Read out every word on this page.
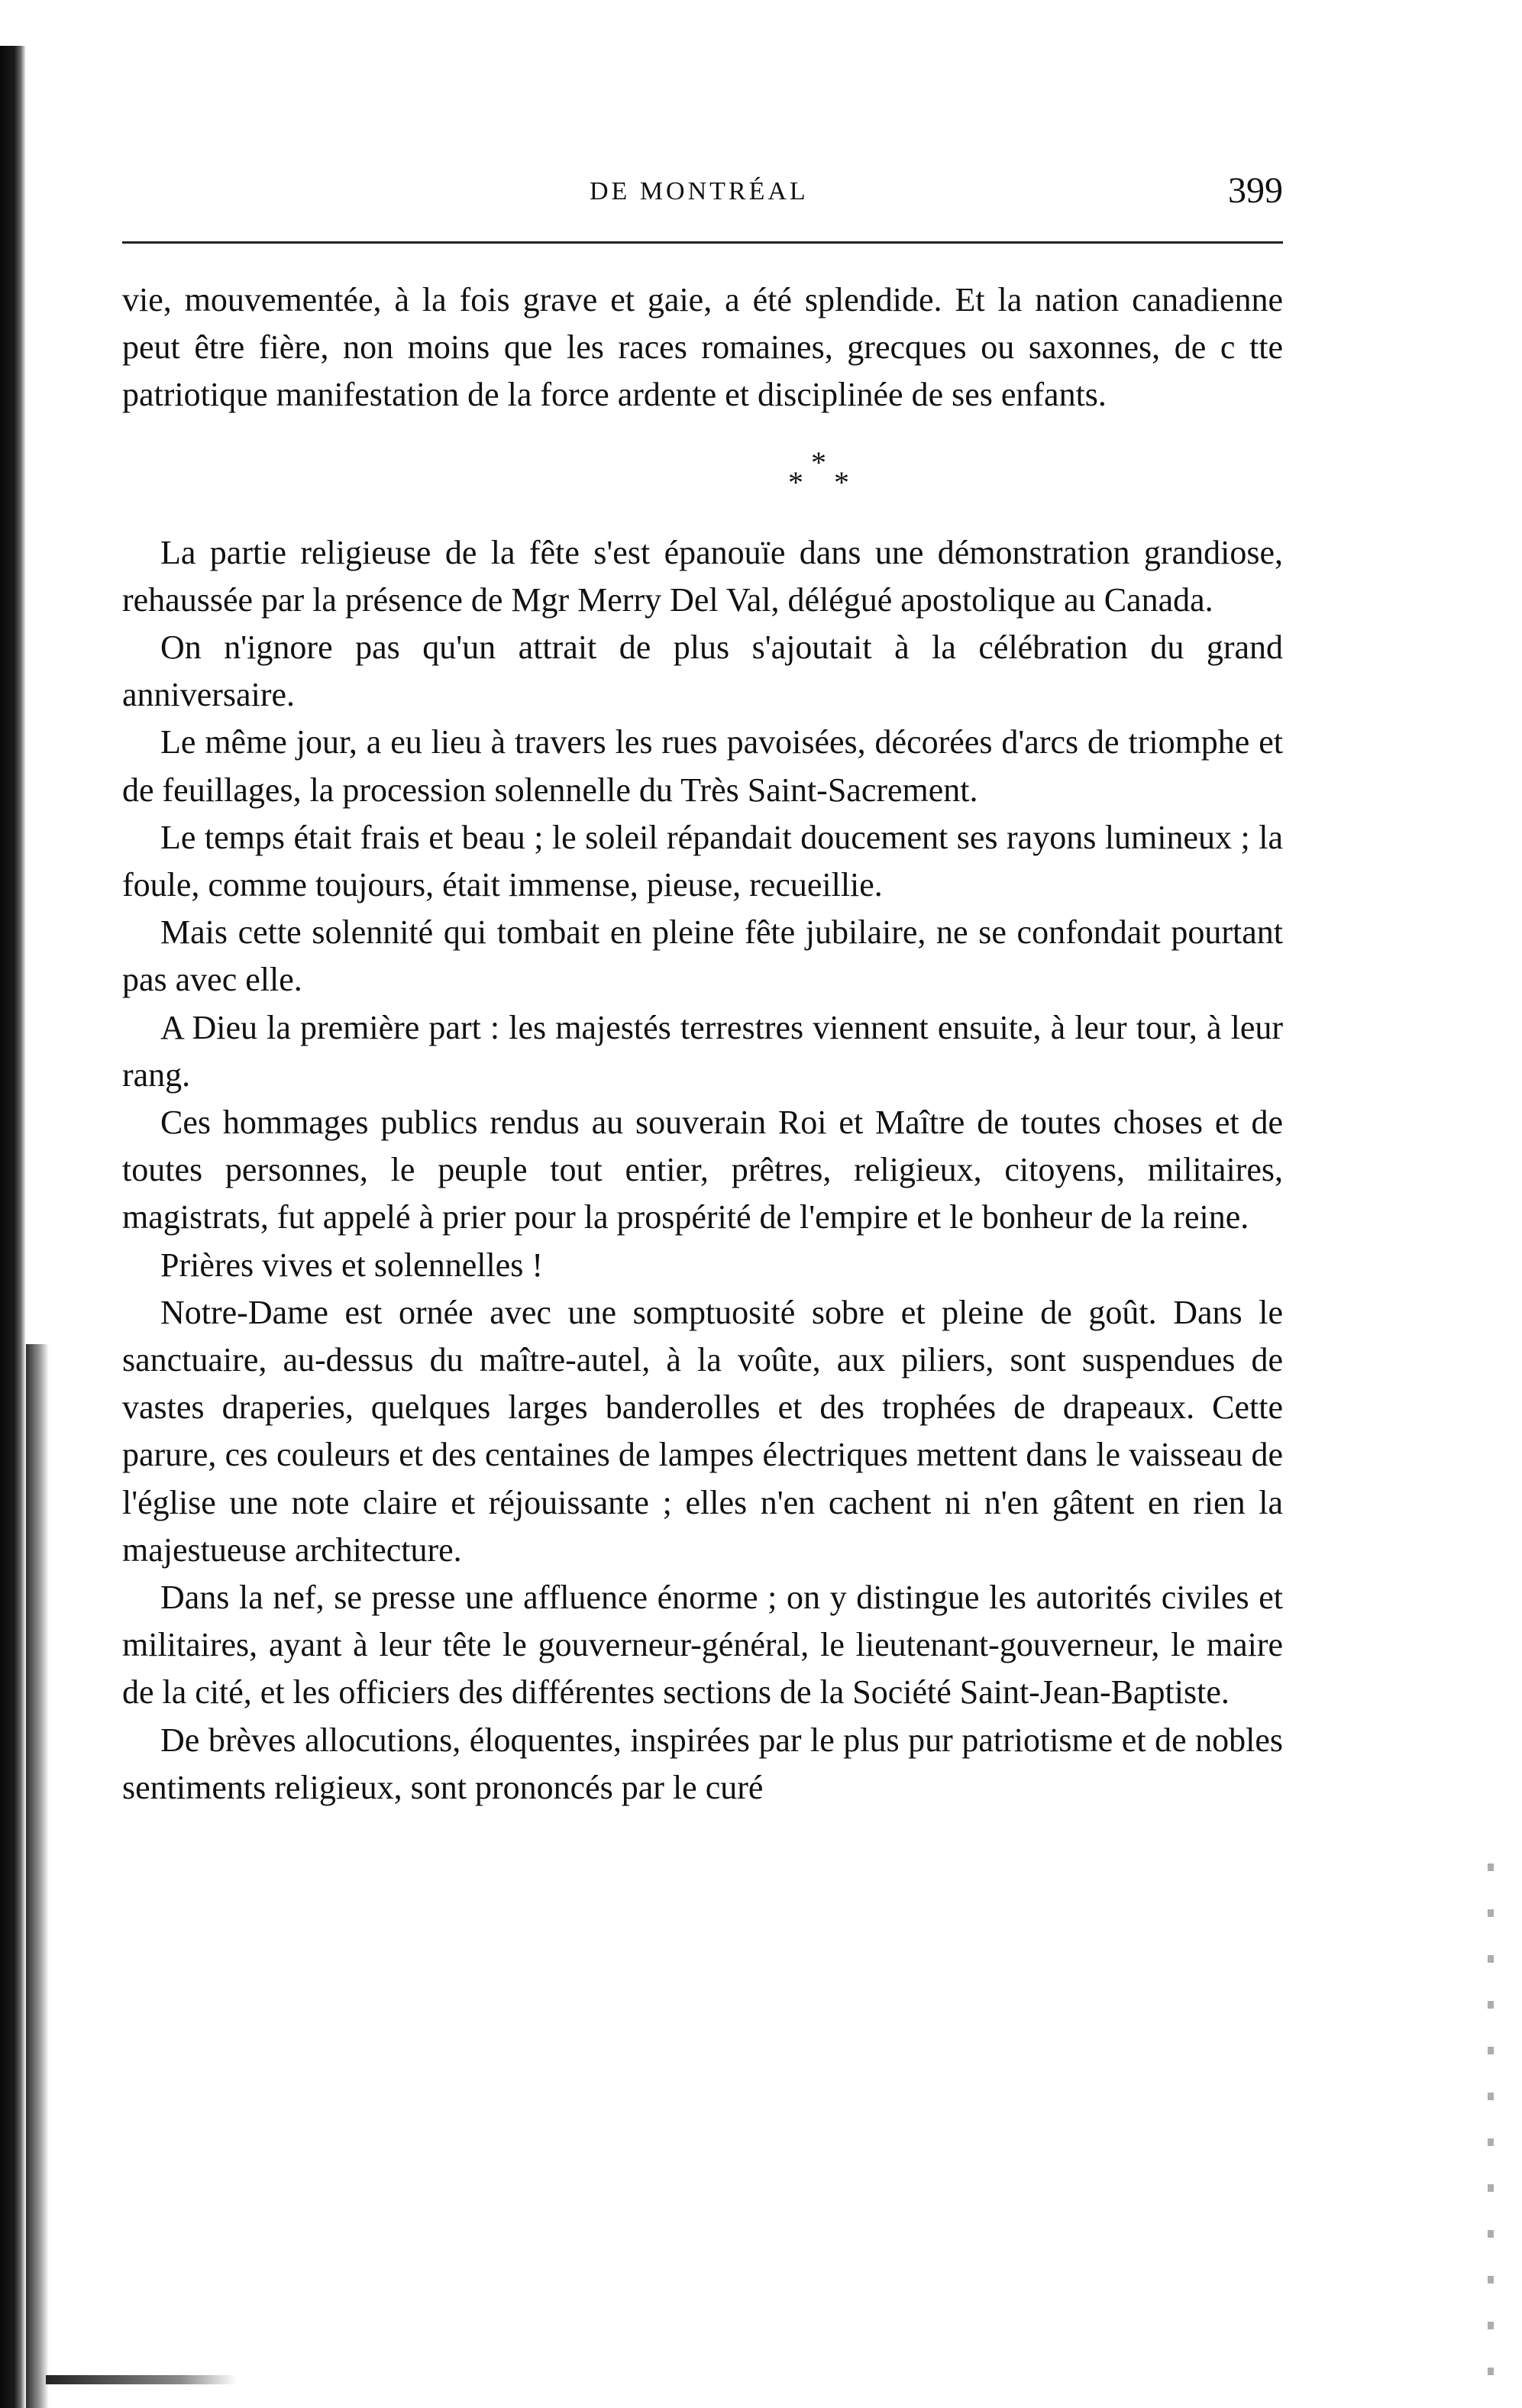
DE MONTRÉAL	399

vie, mouvementée, à la fois grave et gaie, a été splendide. Et la nation canadienne peut être fière, non moins que les races romaines, grecques ou saxonnes, de c tte patriotique manifestation de la force ardente et disciplinée de ses enfants.

*
* *

La partie religieuse de la fête s'est épanouïe dans une démonstration grandiose, rehaussée par la présence de Mgr Merry Del Val, délégué apostolique au Canada.

On n'ignore pas qu'un attrait de plus s'ajoutait à la célébration du grand anniversaire.

Le même jour, a eu lieu à travers les rues pavoisées, décorées d'arcs de triomphe et de feuillages, la procession solennelle du Très Saint-Sacrement.

Le temps était frais et beau ; le soleil répandait doucement ses rayons lumineux ; la foule, comme toujours, était immense, pieuse, recueillie.

Mais cette solennité qui tombait en pleine fête jubilaire, ne se confondait pourtant pas avec elle.

A Dieu la première part : les majestés terrestres viennent ensuite, à leur tour, à leur rang.

Ces hommages publics rendus au souverain Roi et Maître de toutes choses et de toutes personnes, le peuple tout entier, prêtres, religieux, citoyens, militaires, magistrats, fut appelé à prier pour la prospérité de l'empire et le bonheur de la reine.

Prières vives et solennelles !

Notre-Dame est ornée avec une somptuosité sobre et pleine de goût. Dans le sanctuaire, au-dessus du maître-autel, à la voûte, aux piliers, sont suspendues de vastes draperies, quelques larges banderolles et des trophées de drapeaux. Cette parure, ces couleurs et des centaines de lampes électriques mettent dans le vaisseau de l'église une note claire et réjouissante ; elles n'en cachent ni n'en gâtent en rien la majestueuse architecture.

Dans la nef, se presse une affluence énorme ; on y distingue les autorités civiles et militaires, ayant à leur tête le gouverneur-général, le lieutenant-gouverneur, le maire de la cité, et les officiers des différentes sections de la Société Saint-Jean-Baptiste.

De brèves allocutions, éloquentes, inspirées par le plus pur patriotisme et de nobles sentiments religieux, sont prononcés par le curé
